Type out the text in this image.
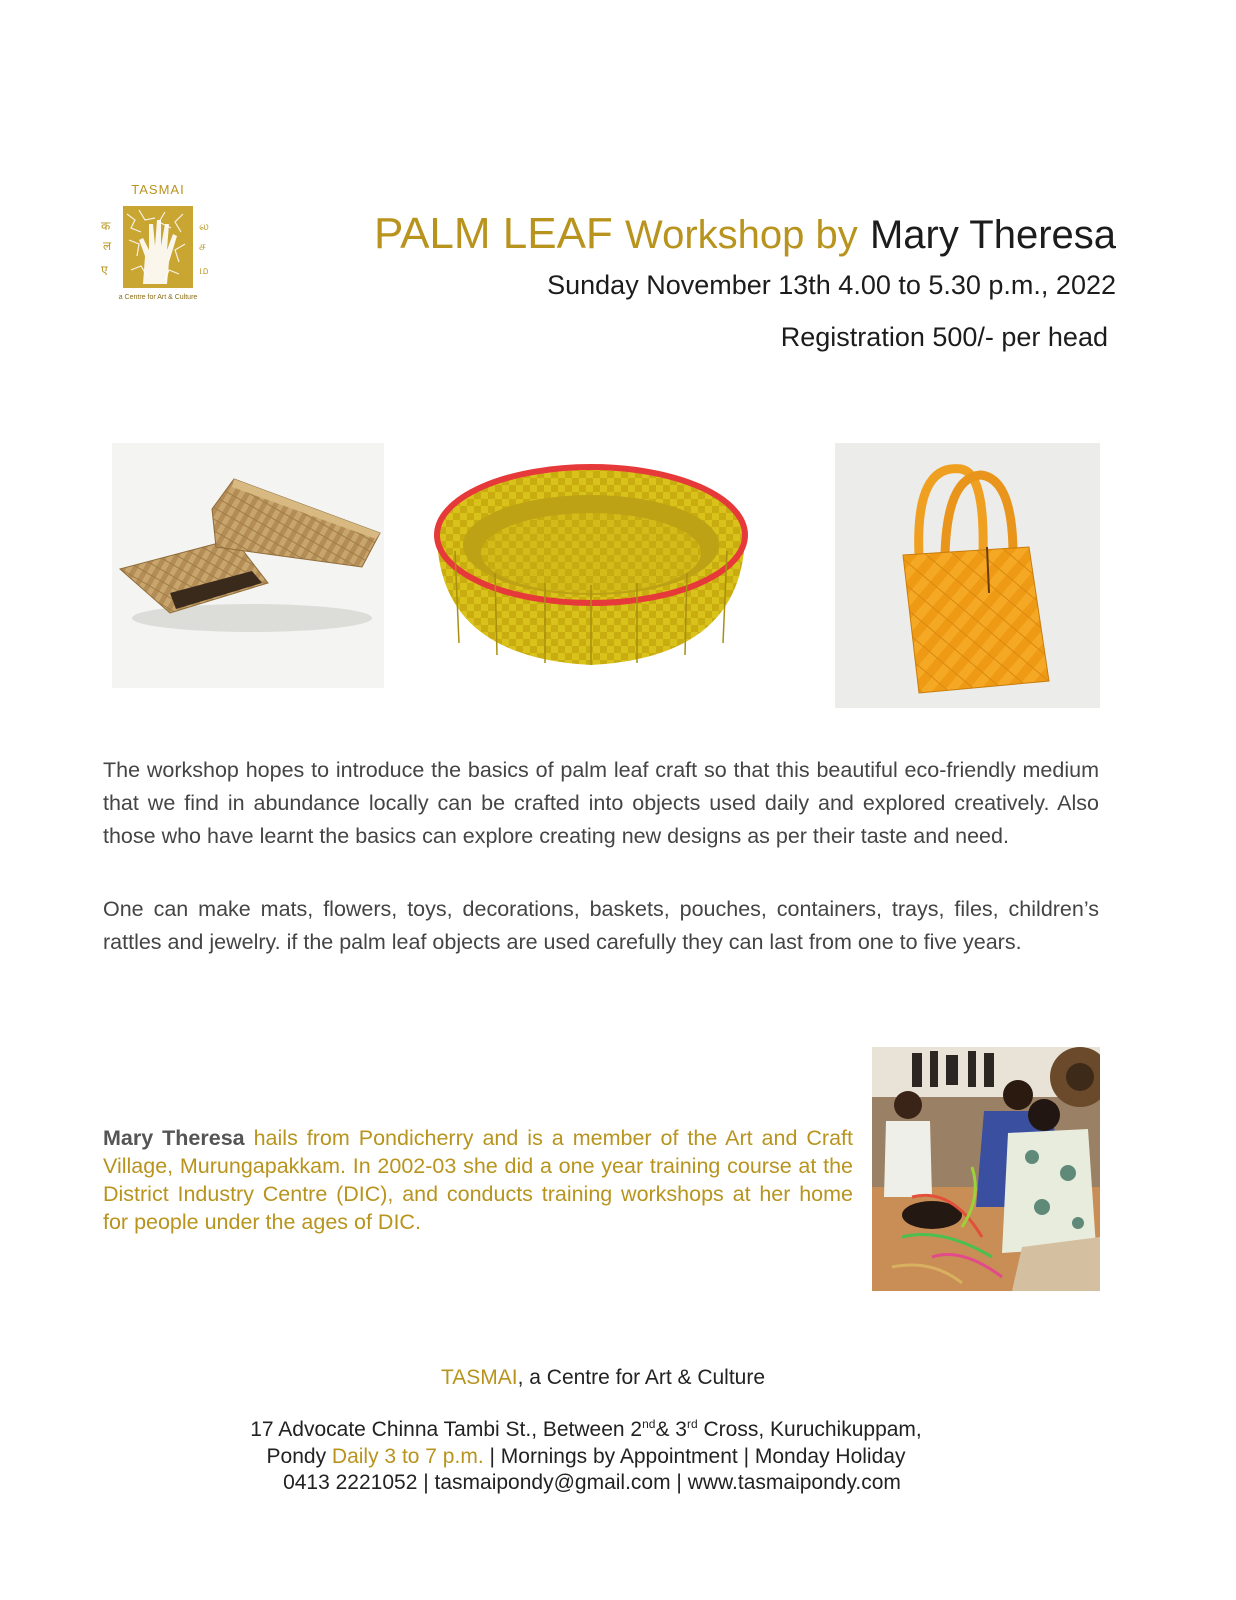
TASMAI
क
ल
ए
ல
ச
ம
a Centre for Art & Culture
PALM LEAF Workshop by Mary Theresa
Sunday November 13th 4.00 to 5.30 p.m., 2022
Registration 500/- per head
The workshop hopes to introduce the basics of palm leaf craft so that this beautiful eco-friendly medium that we find in abundance locally can be crafted into objects used daily and explored creatively. Also those who have learnt the basics can explore creating new designs as per their taste and need.
One can make mats, flowers, toys, decorations, baskets, pouches, containers, trays, files, children’s rattles and jewelry. if the palm leaf objects are used carefully they can last from one to five years.
Mary Theresa hails from Pondicherry and is a member of the Art and Craft Village, Murungapakkam. In 2002-03 she did a one year training course at the District Industry Centre (DIC), and conducts training workshops at her home for people under the ages of DIC.
TASMAI, a Centre for Art & Culture
17 Advocate Chinna Tambi St., Between 2nd& 3rd Cross, Kuruchikuppam,
Pondy Daily 3 to 7 p.m. | Mornings by Appointment | Monday Holiday
0413 2221052 | tasmaipondy@gmail.com | www.tasmaipondy.com
